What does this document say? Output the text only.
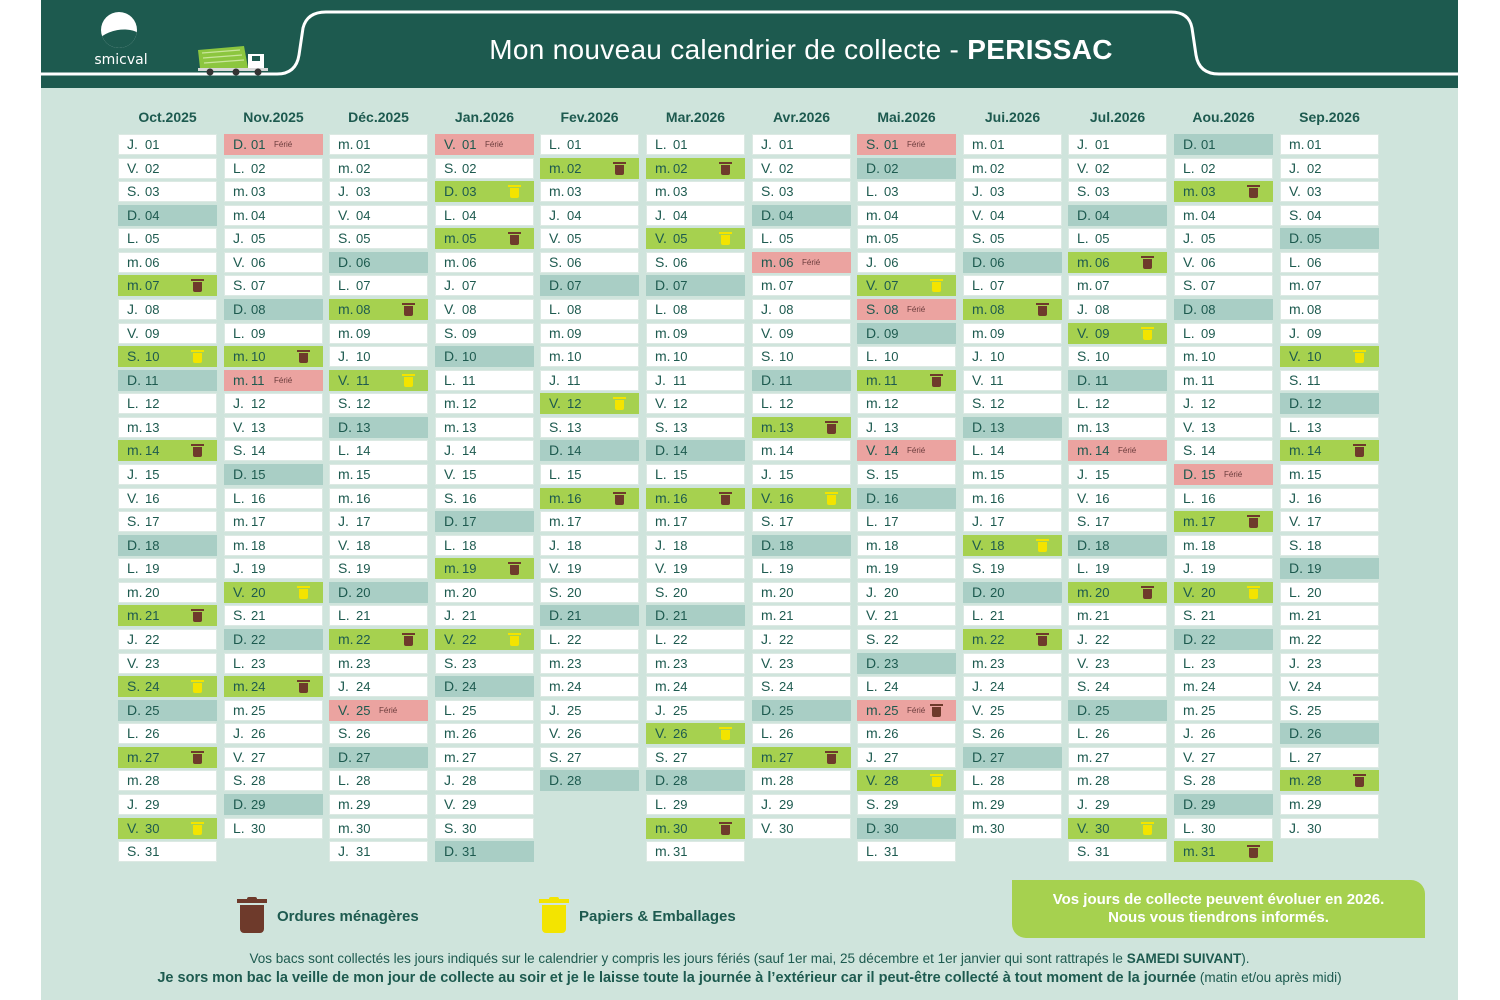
smicval	Mon nouveau calendrier de collecte - PERISSAC
Oct.2025
J. 01
V. 02
S. 03
D. 04
L. 05
m. 06
m. 07
J. 08
V. 09
S. 10
D. 11
L. 12
m. 13
m. 14
J. 15
V. 16
S. 17
D. 18
L. 19
m. 20
m. 21
J. 22
V. 23
S. 24
D. 25
L. 26
m. 27
m. 28
J. 29
V. 30
S. 31
Nov.2025
D. 01 Férié
L. 02
m. 03
m. 04
J. 05
V. 06
S. 07
D. 08
L. 09
m. 10
m. 11 Férié
J. 12
V. 13
S. 14
D. 15
L. 16
m. 17
m. 18
J. 19
V. 20
S. 21
D. 22
L. 23
m. 24
m. 25
J. 26
V. 27
S. 28
D. 29
L. 30
Déc.2025
m. 01
m. 02
J. 03
V. 04
S. 05
D. 06
L. 07
m. 08
m. 09
J. 10
V. 11
S. 12
D. 13
L. 14
m. 15
m. 16
J. 17
V. 18
S. 19
D. 20
L. 21
m. 22
m. 23
J. 24
V. 25 Férié
S. 26
D. 27
L. 28
m. 29
m. 30
J. 31
Jan.2026
V. 01 Férié
S. 02
D. 03
L. 04
m. 05
m. 06
J. 07
V. 08
S. 09
D. 10
L. 11
m. 12
m. 13
J. 14
V. 15
S. 16
D. 17
L. 18
m. 19
m. 20
J. 21
V. 22
S. 23
D. 24
L. 25
m. 26
m. 27
J. 28
V. 29
S. 30
D. 31
Fev.2026
L. 01
m. 02
m. 03
J. 04
V. 05
S. 06
D. 07
L. 08
m. 09
m. 10
J. 11
V. 12
S. 13
D. 14
L. 15
m. 16
m. 17
J. 18
V. 19
S. 20
D. 21
L. 22
m. 23
m. 24
J. 25
V. 26
S. 27
D. 28
Mar.2026
L. 01
m. 02
m. 03
J. 04
V. 05
S. 06
D. 07
L. 08
m. 09
m. 10
J. 11
V. 12
S. 13
D. 14
L. 15
m. 16
m. 17
J. 18
V. 19
S. 20
D. 21
L. 22
m. 23
m. 24
J. 25
V. 26
S. 27
D. 28
L. 29
m. 30
m. 31
Avr.2026
J. 01
V. 02
S. 03
D. 04
L. 05
m. 06 Férié
m. 07
J. 08
V. 09
S. 10
D. 11
L. 12
m. 13
m. 14
J. 15
V. 16
S. 17
D. 18
L. 19
m. 20
m. 21
J. 22
V. 23
S. 24
D. 25
L. 26
m. 27
m. 28
J. 29
V. 30
Mai.2026
S. 01 Férié
D. 02
L. 03
m. 04
m. 05
J. 06
V. 07
S. 08 Férié
D. 09
L. 10
m. 11
m. 12
J. 13
V. 14 Férié
S. 15
D. 16
L. 17
m. 18
m. 19
J. 20
V. 21
S. 22
D. 23
L. 24
m. 25 Férié
m. 26
J. 27
V. 28
S. 29
D. 30
L. 31
Jui.2026
m. 01
m. 02
J. 03
V. 04
S. 05
D. 06
L. 07
m. 08
m. 09
J. 10
V. 11
S. 12
D. 13
L. 14
m. 15
m. 16
J. 17
V. 18
S. 19
D. 20
L. 21
m. 22
m. 23
J. 24
V. 25
S. 26
D. 27
L. 28
m. 29
m. 30
Jul.2026
J. 01
V. 02
S. 03
D. 04
L. 05
m. 06
m. 07
J. 08
V. 09
S. 10
D. 11
L. 12
m. 13
m. 14 Férié
J. 15
V. 16
S. 17
D. 18
L. 19
m. 20
m. 21
J. 22
V. 23
S. 24
D. 25
L. 26
m. 27
m. 28
J. 29
V. 30
S. 31
Aou.2026
D. 01
L. 02
m. 03
m. 04
J. 05
V. 06
S. 07
D. 08
L. 09
m. 10
m. 11
J. 12
V. 13
S. 14
D. 15 Férié
L. 16
m. 17
m. 18
J. 19
V. 20
S. 21
D. 22
L. 23
m. 24
m. 25
J. 26
V. 27
S. 28
D. 29
L. 30
m. 31
Sep.2026
m. 01
J. 02
V. 03
S. 04
D. 05
L. 06
m. 07
m. 08
J. 09
V. 10
S. 11
D. 12
L. 13
m. 14
m. 15
J. 16
V. 17
S. 18
D. 19
L. 20
m. 21
m. 22
J. 23
V. 24
S. 25
D. 26
L. 27
m. 28
m. 29
J. 30
Ordures ménagères	Papiers & Emballages
Vos jours de collecte peuvent évoluer en 2026.
Nous vous tiendrons informés.
Vos bacs sont collectés les jours indiqués sur le calendrier y compris les jours fériés (sauf 1er mai, 25 décembre et 1er janvier qui sont rattrapés le SAMEDI SUIVANT).
Je sors mon bac la veille de mon jour de collecte au soir et je le laisse toute la journée à l’extérieur car il peut-être collecté à tout moment de la journée (matin et/ou après midi)
